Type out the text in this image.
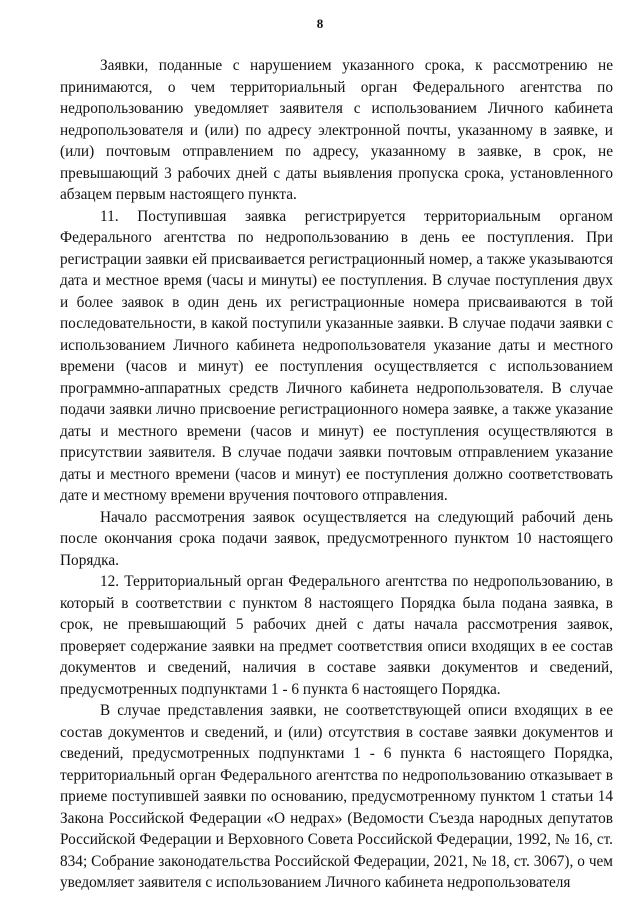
8

Заявки, поданные с нарушением указанного срока, к рассмотрению не принимаются, о чем территориальный орган Федерального агентства по недропользованию уведомляет заявителя с использованием Личного кабинета недропользователя и (или) по адресу электронной почты, указанному в заявке, и (или) почтовым отправлением по адресу, указанному в заявке, в срок, не превышающий 3 рабочих дней с даты выявления пропуска срока, установленного абзацем первым настоящего пункта.

11. Поступившая заявка регистрируется территориальным органом Федерального агентства по недропользованию в день ее поступления. При регистрации заявки ей присваивается регистрационный номер, а также указываются дата и местное время (часы и минуты) ее поступления. В случае поступления двух и более заявок в один день их регистрационные номера присваиваются в той последовательности, в какой поступили указанные заявки. В случае подачи заявки с использованием Личного кабинета недропользователя указание даты и местного времени (часов и минут) ее поступления осуществляется с использованием программно-аппаратных средств Личного кабинета недропользователя. В случае подачи заявки лично присвоение регистрационного номера заявке, а также указание даты и местного времени (часов и минут) ее поступления осуществляются в присутствии заявителя. В случае подачи заявки почтовым отправлением указание даты и местного времени (часов и минут) ее поступления должно соответствовать дате и местному времени вручения почтового отправления.

Начало рассмотрения заявок осуществляется на следующий рабочий день после окончания срока подачи заявок, предусмотренного пунктом 10 настоящего Порядка.

12. Территориальный орган Федерального агентства по недропользованию, в который в соответствии с пунктом 8 настоящего Порядка была подана заявка, в срок, не превышающий 5 рабочих дней с даты начала рассмотрения заявок, проверяет содержание заявки на предмет соответствия описи входящих в ее состав документов и сведений, наличия в составе заявки документов и сведений, предусмотренных подпунктами 1 - 6 пункта 6 настоящего Порядка.

В случае представления заявки, не соответствующей описи входящих в ее состав документов и сведений, и (или) отсутствия в составе заявки документов и сведений, предусмотренных подпунктами 1 - 6 пункта 6 настоящего Порядка, территориальный орган Федерального агентства по недропользованию отказывает в приеме поступившей заявки по основанию, предусмотренному пунктом 1 статьи 14 Закона Российской Федерации «О недрах» (Ведомости Съезда народных депутатов Российской Федерации и Верховного Совета Российской Федерации, 1992, № 16, ст. 834; Собрание законодательства Российской Федерации, 2021, № 18, ст. 3067), о чем уведомляет заявителя с использованием Личного кабинета недропользователя
